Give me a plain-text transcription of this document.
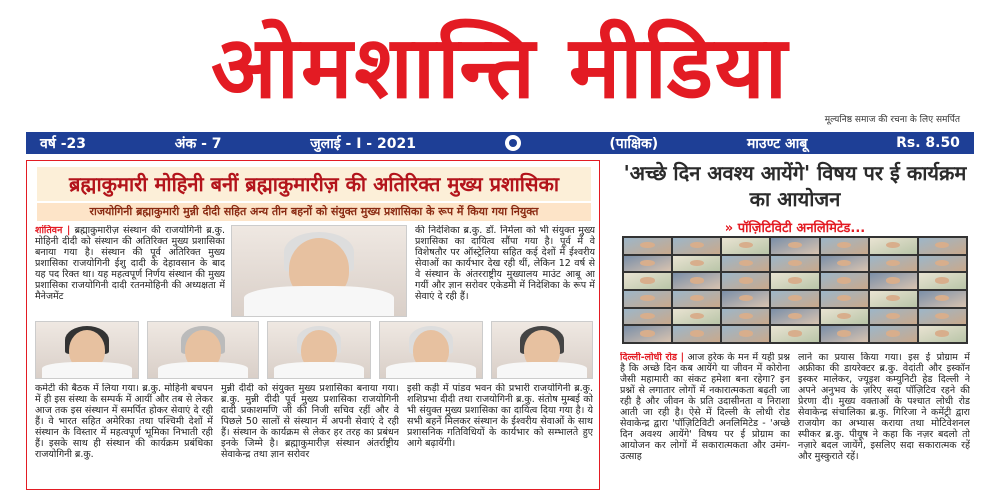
ओमशान्ति मीडिया
मूल्यनिष्ठ समाज की रचना के लिए समर्पित
वर्ष -23	अंक - 7	जुलाई - I - 2021	(पाक्षिक)	माउण्ट आबू	Rs. 8.50
ब्रह्माकुमारी मोहिनी बनीं ब्रह्माकुमारीज़ की अतिरिक्त मुख्य प्रशासिका
राजयोगिनी ब्रह्माकुमारी मुन्नी दीदी सहित अन्य तीन बहनों को संयुक्त मुख्य प्रशासिका के रूप में किया गया नियुक्त
शांतिवन | ब्रह्माकुमारीज़ संस्थान की राजयोगिनी ब्र.कु. मोहिनी दीदी को संस्थान की अतिरिक्त मुख्य प्रशासिका बनाया गया है। संस्थान की पूर्व अतिरिक्त मुख्य प्रशासिका राजयोगिनी ईशु दादी के देहावसान के बाद यह पद रिक्त था। यह महत्वपूर्ण निर्णय संस्थान की मुख्य प्रशासिका राजयोगिनी दादी रतनमोहिनी की अध्यक्षता में मैनेजमेंट
की निदेशिका ब्र.कु. डॉ. निर्मला को भी संयुक्त मुख्य प्रशासिका का दायित्व सौंपा गया है। पूर्व में वे विशेषतौर पर ऑस्ट्रेलिया सहित कई देशों में ईश्वरीय सेवाओं का कार्यभार देख रही थीं, लेकिन 12 वर्ष से वे संस्थान के अंतरराष्ट्रीय मुख्यालय माउंट आबू आ गयीं और ज्ञान सरोवर एकेडमी में निदेशिका के रूप में सेवाएं दे रही हैं।
कमेटी की बैठक में लिया गया। ब्र.कु. मोहिनी बचपन में ही इस संस्था के सम्पर्क में आयीं और तब से लेकर आज तक इस संस्थान में समर्पित होकर सेवाएं दे रही हैं। वे भारत सहित अमेरिका तथा पश्चिमी देशों में संस्थान के विस्तार में महत्वपूर्ण भूमिका निभाती रही हैं। इसके साथ ही संस्थान की कार्यक्रम प्रबंधिका राजयोगिनी ब्र.कु.
मुन्नी दीदी को संयुक्त मुख्य प्रशासिका बनाया गया। ब्र.कु. मुन्नी दीदी पूर्व मुख्य प्रशासिका राजयोगिनी दादी प्रकाशमणि जी की निजी सचिव रहीं और वे पिछले 50 सालों से संस्थान में अपनी सेवाएं दे रही हैं। संस्थान के कार्यक्रम से लेकर हर तरह का प्रबंधन इनके जिम्मे है। ब्रह्माकुमारीज़ संस्थान अंतर्राष्ट्रीय सेवाकेन्द्र तथा ज्ञान सरोवर
इसी कड़ी में पांडव भवन की प्रभारी राजयोगिनी ब्र.कु. शशिप्रभा दीदी तथा राजयोगिनी ब्र.कु. संतोष मुम्बई को भी संयुक्त मुख्य प्रशासिका का दायित्व दिया गया है। ये सभी बहनें मिलकर संस्थान के ईश्वरीय सेवाओं के साथ प्रशासनिक गतिविधियों के कार्यभार को सम्भालते हुए आगे बढ़ायेंगी।
'अच्छे दिन अवश्य आयेंगे' विषय पर ई कार्यक्रम का आयोजन
» पॉज़िटिविटी अनलिमिटेड...
दिल्ली-लोधी रोड | आज हरेक के मन में यही प्रश्न है कि अच्छे दिन कब आयेंगे या जीवन में कोरोना जैसी महामारी का संकट हमेशा बना रहेगा? इन प्रश्नों से लगातार लोगों में नकारात्मकता बढ़ती जा रही है और जीवन के प्रति उदासीनता व निराशा आती जा रही है। ऐसे में दिल्ली के लोधी रोड सेवाकेन्द्र द्वारा 'पॉज़िटिविटी अनलिमिटेड - 'अच्छे दिन अवश्य आयेंगे' विषय पर ई प्रोग्राम का आयोजन कर लोगों में सकारात्मकता और उमंग-उत्साह
लाने का प्रयास किया गया। इस ई प्रोग्राम में अफ्रीका की डायरेक्टर ब्र.कु. वेदांती और इस्कॉन इस्कर मालेकर, ज्यूइश कम्युनिटी हेड दिल्ली ने अपने अनुभव के ज़रिए सदा पॉज़िटिव रहने की प्रेरणा दी। मुख्य वक्ताओं के पश्चात लोधी रोड सेवाकेन्द्र संचालिका ब्र.कु. गिरिजा ने कमेंट्री द्वारा राजयोग का अभ्यास कराया तथा मोटिवेशनल स्पीकर ब्र.कु. पीयूष ने कहा कि नज़र बदलो तो नज़ारे बदल जायेंगे, इसलिए सदा सकारात्मक रहें और मुस्कुराते रहें।
